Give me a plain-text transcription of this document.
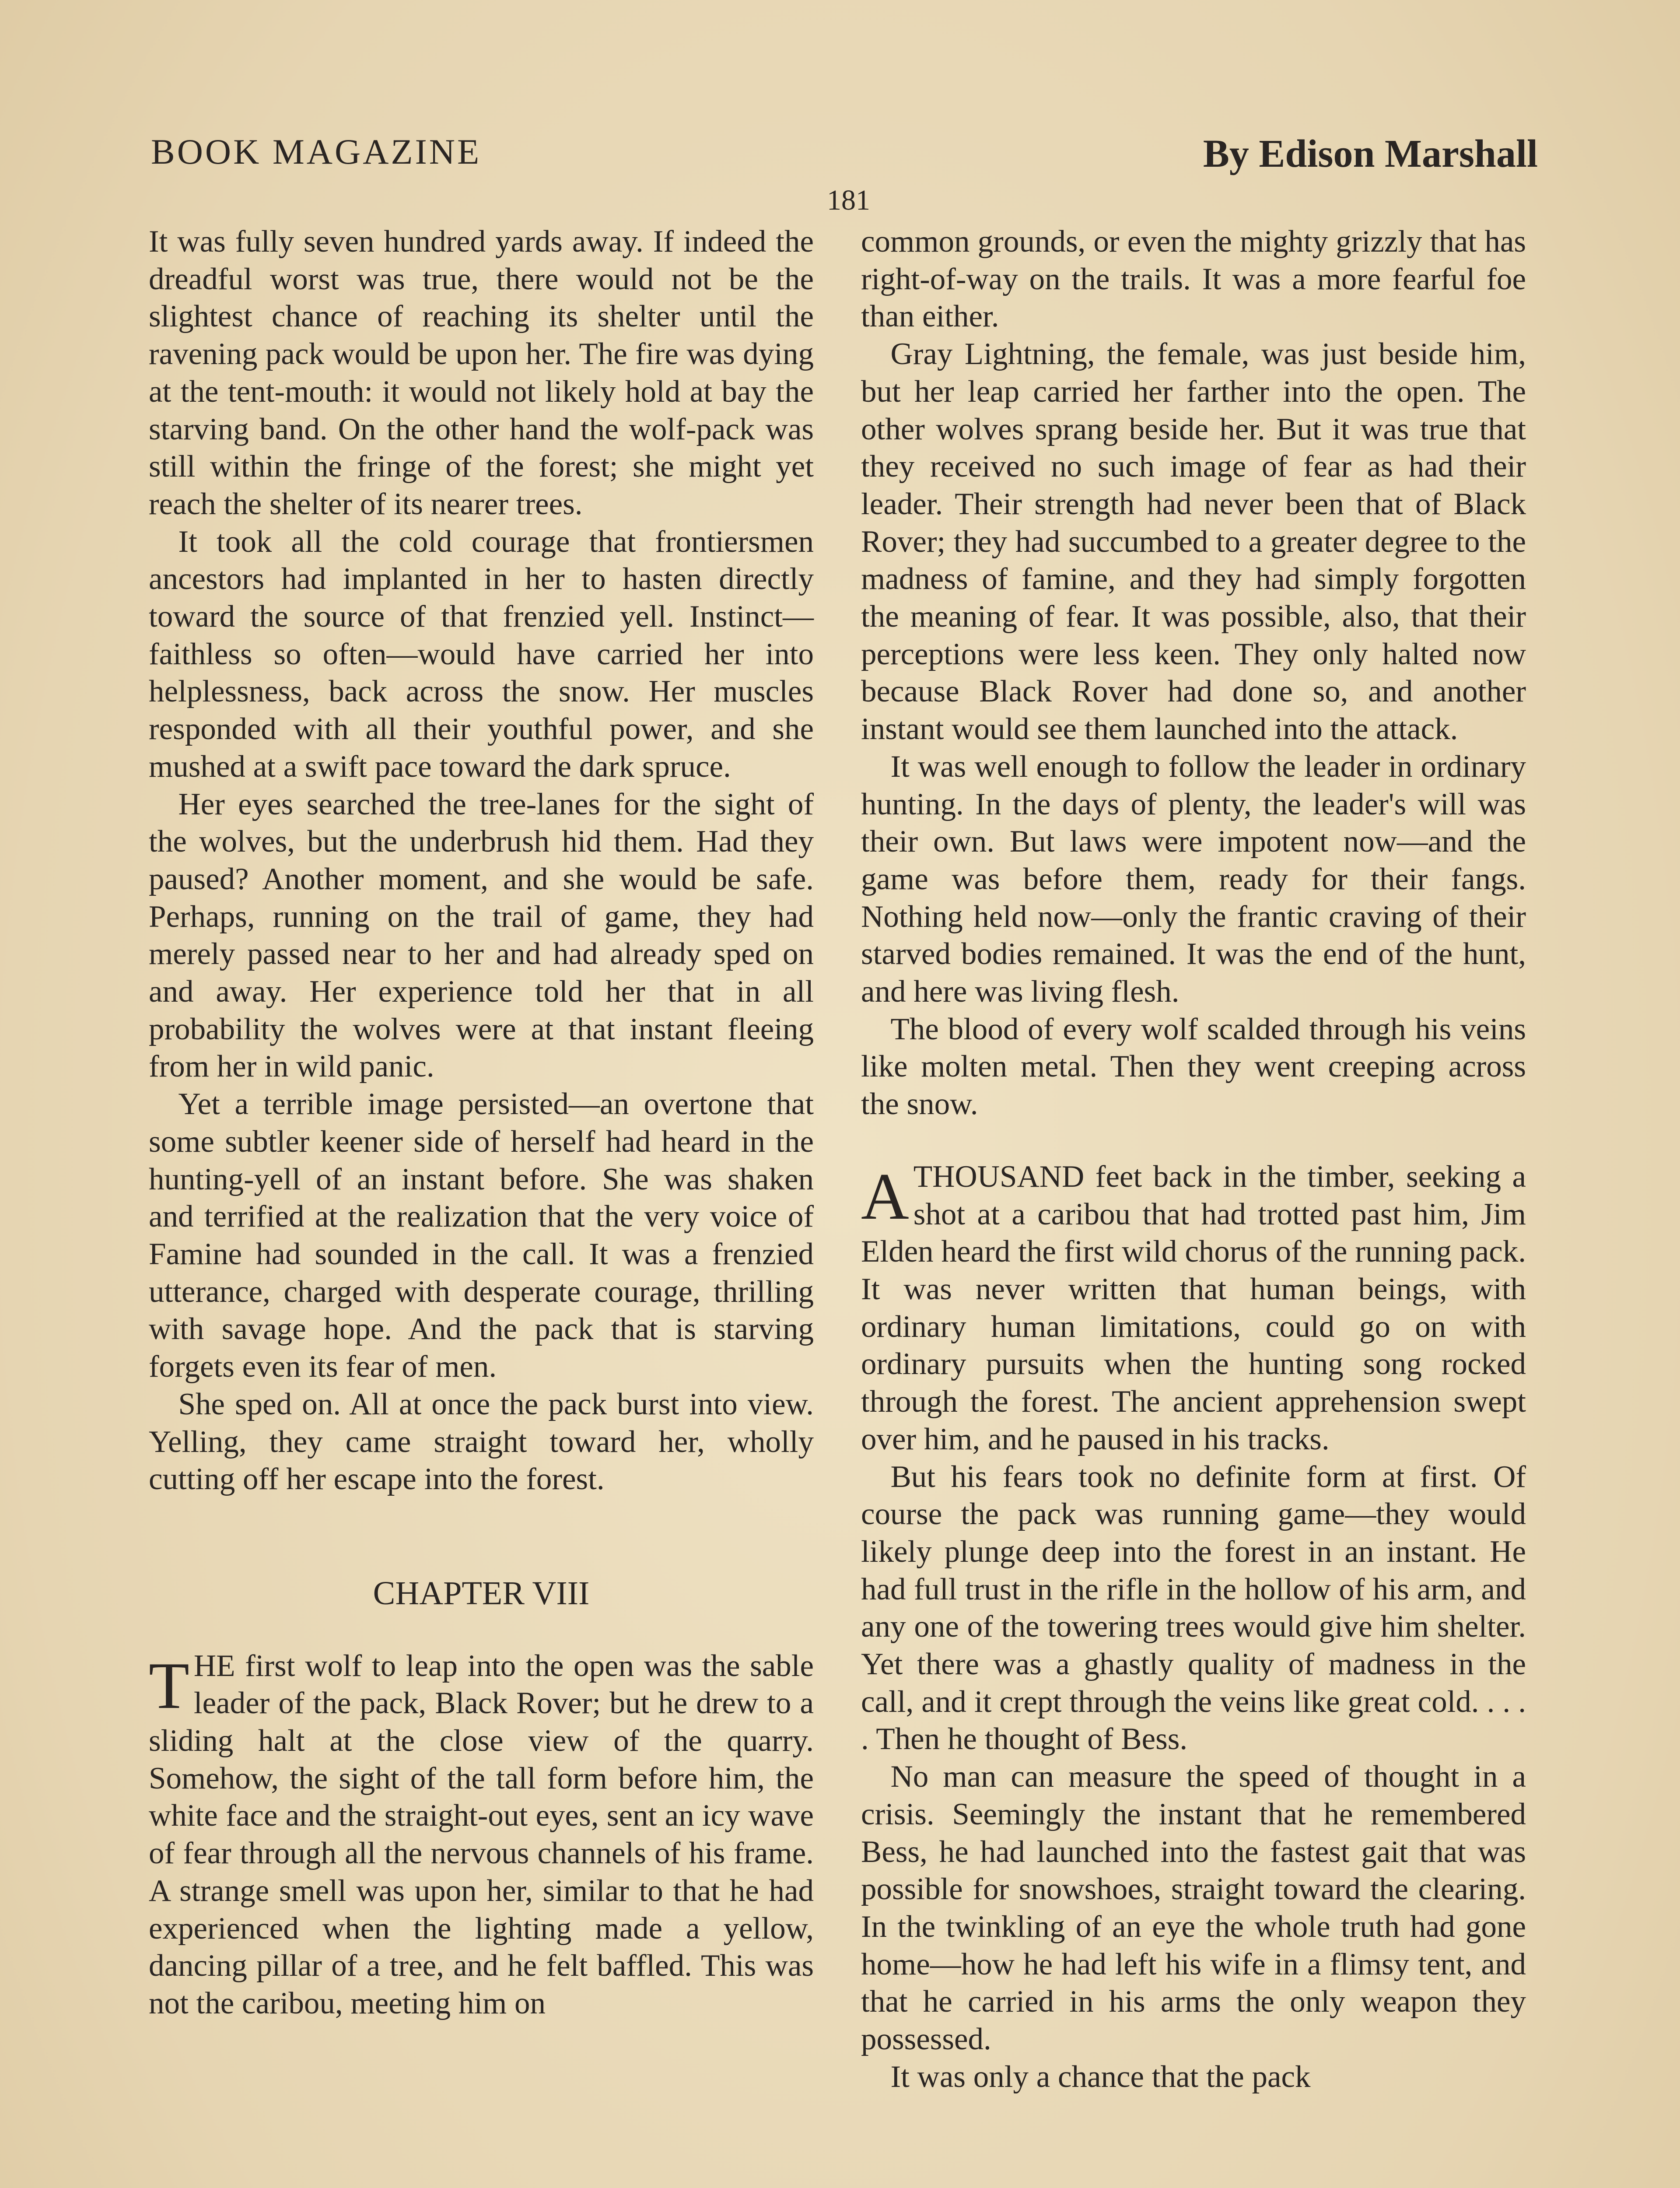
BOOK MAGAZINE	By Edison Marshall
181

It was fully seven hundred yards away. If indeed the dreadful worst was true, there would not be the slightest chance of reaching its shelter until the ravening pack would be upon her. The fire was dying at the tent-mouth: it would not likely hold at bay the starving band. On the other hand the wolf-pack was still within the fringe of the forest; she might yet reach the shelter of its nearer trees.

It took all the cold courage that frontiersmen ancestors had implanted in her to hasten directly toward the source of that frenzied yell. Instinct—faithless so often—would have carried her into helplessness, back across the snow. Her muscles responded with all their youthful power, and she mushed at a swift pace toward the dark spruce.

Her eyes searched the tree-lanes for the sight of the wolves, but the underbrush hid them. Had they paused? Another moment, and she would be safe. Perhaps, running on the trail of game, they had merely passed near to her and had already sped on and away. Her experience told her that in all probability the wolves were at that instant fleeing from her in wild panic.

Yet a terrible image persisted—an overtone that some subtler keener side of herself had heard in the hunting-yell of an instant before. She was shaken and terrified at the realization that the very voice of Famine had sounded in the call. It was a frenzied utterance, charged with desperate courage, thrilling with savage hope. And the pack that is starving forgets even its fear of men.

She sped on. All at once the pack burst into view. Yelling, they came straight toward her, wholly cutting off her escape into the forest.

CHAPTER VIII

THE first wolf to leap into the open was the sable leader of the pack, Black Rover; but he drew to a sliding halt at the close view of the quarry. Somehow, the sight of the tall form before him, the white face and the straight-out eyes, sent an icy wave of fear through all the nervous channels of his frame. A strange smell was upon her, similar to that he had experienced when the lighting made a yellow, dancing pillar of a tree, and he felt baffled. This was not the caribou, meeting him on

common grounds, or even the mighty grizzly that has right-of-way on the trails. It was a more fearful foe than either.

Gray Lightning, the female, was just beside him, but her leap carried her farther into the open. The other wolves sprang beside her. But it was true that they received no such image of fear as had their leader. Their strength had never been that of Black Rover; they had succumbed to a greater degree to the madness of famine, and they had simply forgotten the meaning of fear. It was possible, also, that their perceptions were less keen. They only halted now because Black Rover had done so, and another instant would see them launched into the attack.

It was well enough to follow the leader in ordinary hunting. In the days of plenty, the leader's will was their own. But laws were impotent now—and the game was before them, ready for their fangs. Nothing held now—only the frantic craving of their starved bodies remained. It was the end of the hunt, and here was living flesh.

The blood of every wolf scalded through his veins like molten metal. Then they went creeping across the snow.

ATHOUSAND feet back in the timber, seeking a shot at a caribou that had trotted past him, Jim Elden heard the first wild chorus of the running pack. It was never written that human beings, with ordinary human limitations, could go on with ordinary pursuits when the hunting song rocked through the forest. The ancient apprehension swept over him, and he paused in his tracks.

But his fears took no definite form at first. Of course the pack was running game—they would likely plunge deep into the forest in an instant. He had full trust in the rifle in the hollow of his arm, and any one of the towering trees would give him shelter. Yet there was a ghastly quality of madness in the call, and it crept through the veins like great cold. . . . . Then he thought of Bess.

No man can measure the speed of thought in a crisis. Seemingly the instant that he remembered Bess, he had launched into the fastest gait that was possible for snowshoes, straight toward the clearing. In the twinkling of an eye the whole truth had gone home—how he had left his wife in a flimsy tent, and that he carried in his arms the only weapon they possessed.

It was only a chance that the pack
